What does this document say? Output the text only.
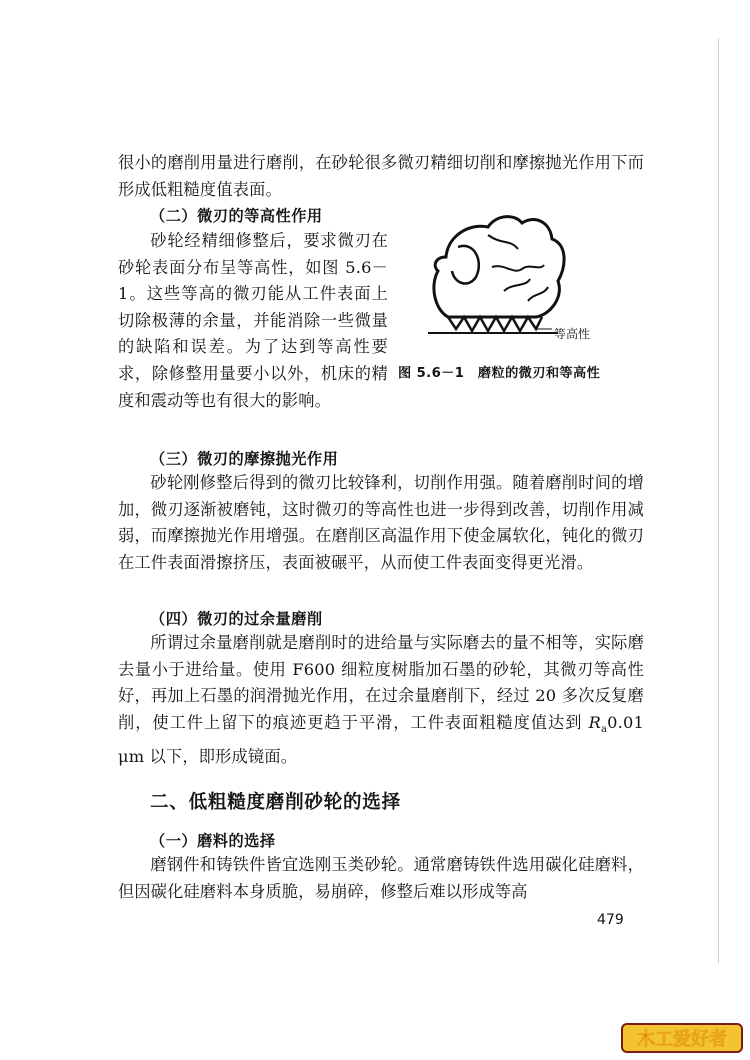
很小的磨削用量进行磨削，在砂轮很多微刃精细切削和摩擦抛光作用下而形成低粗糙度值表面。

（二）微刃的等高性作用

砂轮经精细修整后，要求微刃在砂轮表面分布呈等高性，如图 5.6－1。这些等高的微刃能从工件表面上切除极薄的余量，并能消除一些微量的缺陷和误差。为了达到等高性要求，除修整用量要小以外，机床的精度和震动等也有很大的影响。

等高性
图 5.6－1　磨粒的微刃和等高性
（三）微刃的摩擦抛光作用

砂轮刚修整后得到的微刃比较锋利，切削作用强。随着磨削时间的增加，微刃逐渐被磨钝，这时微刃的等高性也进一步得到改善，切削作用减弱，而摩擦抛光作用增强。在磨削区高温作用下使金属软化，钝化的微刃在工件表面滑擦挤压，表面被碾平，从而使工件表面变得更光滑。

（四）微刃的过余量磨削

所谓过余量磨削就是磨削时的进给量与实际磨去的量不相等，实际磨去量小于进给量。使用 F600 细粒度树脂加石墨的砂轮，其微刃等高性好，再加上石墨的润滑抛光作用，在过余量磨削下，经过 20 多次反复磨削，使工件上留下的痕迹更趋于平滑，工件表面粗糙度值达到 $R_a0.01$ μm 以下，即形成镜面。

二、低粗糙度磨削砂轮的选择
（一）磨料的选择

磨钢件和铸铁件皆宜选刚玉类砂轮。通常磨铸铁件选用碳化硅磨料，但因碳化硅磨料本身质脆，易崩碎，修整后难以形成等高

479
木工爱好者
